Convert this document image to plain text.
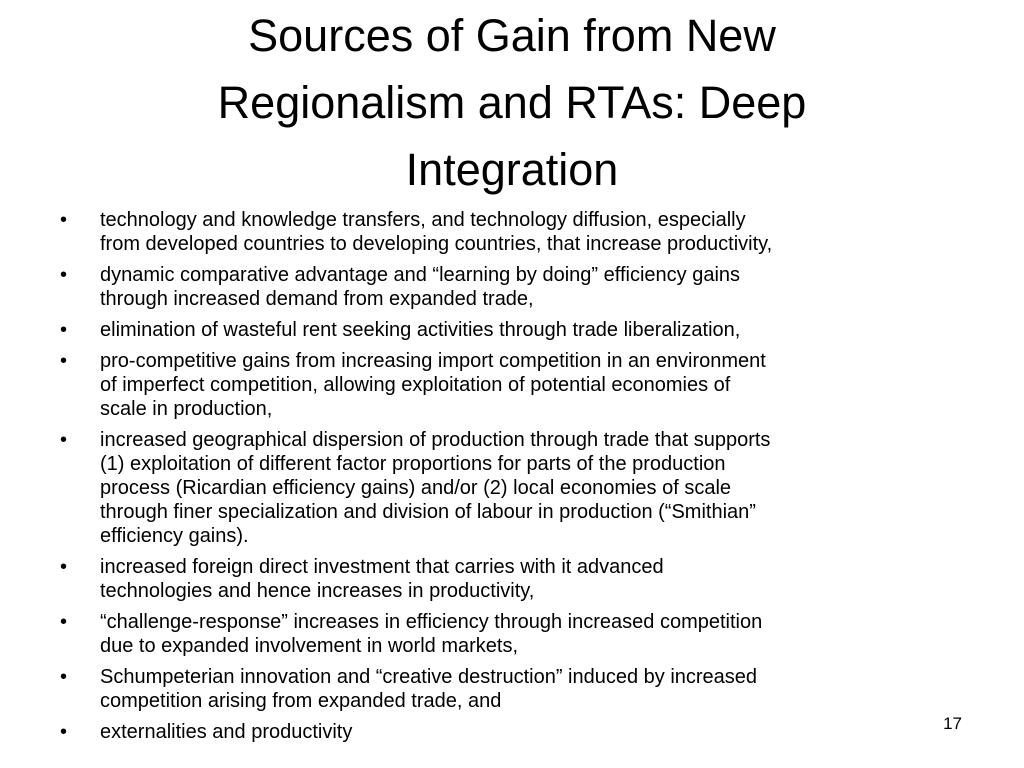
Sources of Gain from New
Regionalism and RTAs: Deep
Integration
• technology and knowledge transfers, and technology diffusion, especially
from developed countries to developing countries, that increase productivity,
• dynamic comparative advantage and “learning by doing” efficiency gains
through increased demand from expanded trade,
• elimination of wasteful rent seeking activities through trade liberalization,
• pro-competitive gains from increasing import competition in an environment
of imperfect competition, allowing exploitation of potential economies of
scale in production,
• increased geographical dispersion of production through trade that supports
(1) exploitation of different factor proportions for parts of the production
process (Ricardian efficiency gains) and/or (2) local economies of scale
through finer specialization and division of labour in production (“Smithian”
efficiency gains).
• increased foreign direct investment that carries with it advanced
technologies and hence increases in productivity,
• “challenge-response” increases in efficiency through increased competition
due to expanded involvement in world markets,
• Schumpeterian innovation and “creative destruction” induced by increased
competition arising from expanded trade, and
• externalities and productivity	17
